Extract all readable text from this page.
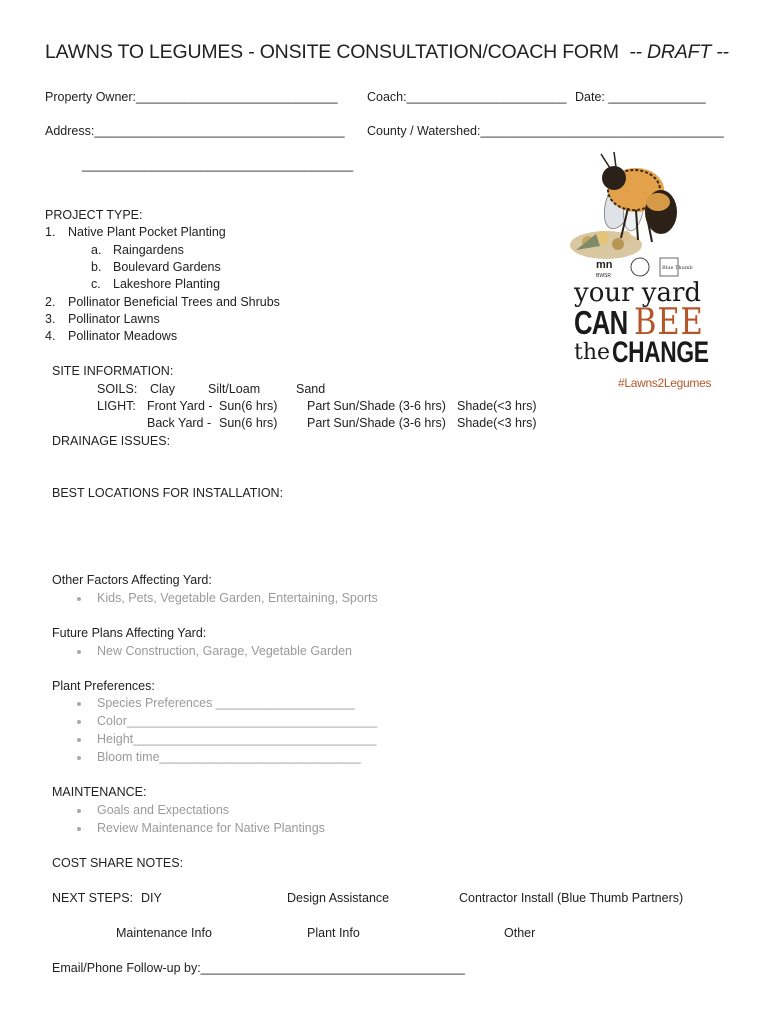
LAWNS TO LEGUMES - ONSITE CONSULTATION/COACH FORM -- DRAFT --
Property Owner:_____________________________ Coach:_______________________ Date: ______________
Address:____________________________________ County / Watershed:___________________________________
_______________________________________
PROJECT TYPE:
1. Native Plant Pocket Planting
a. Raingardens
b. Boulevard Gardens
c. Lakeshore Planting
2. Pollinator Beneficial Trees and Shrubs
3. Pollinator Lawns
4. Pollinator Meadows
SITE INFORMATION:
SOILS: Clay	Silt/Loam	Sand
LIGHT: Front Yard - Sun(6 hrs) Part Sun/Shade (3-6 hrs) Shade(<3 hrs)
Back Yard - Sun(6 hrs) Part Sun/Shade (3-6 hrs) Shade(<3 hrs)
DRAINAGE ISSUES:
BEST LOCATIONS FOR INSTALLATION:
Other Factors Affecting Yard:
Kids, Pets, Vegetable Garden, Entertaining, Sports
Future Plans Affecting Yard:
New Construction, Garage, Vegetable Garden
Plant Preferences:
Species Preferences ____________________
Color____________________________________
Height___________________________________
Bloom time_____________________________
MAINTENANCE:
Goals and Expectations
Review Maintenance for Native Plantings
COST SHARE NOTES:
NEXT STEPS: DIY	Design Assistance	Contractor Install (Blue Thumb Partners)
Maintenance Info	Plant Info	Other
Email/Phone Follow-up by:______________________________________
mn
BWSR
Blue Thumb
your yard
CAN BEE
the CHANGE
#Lawns2Legumes
